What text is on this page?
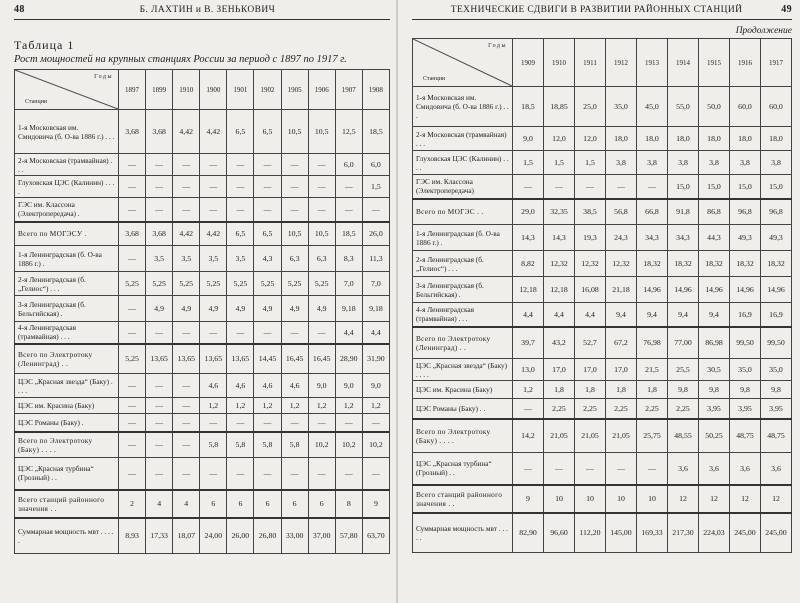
48	Б. ЛАХТИН и В. ЗЕНЬКОВИЧ
Таблица 1
Рост мощностей на крупных станциях России за период с 1897 по 1917 г.
Годы
Станции	1897	1899	1910	1900	1901	1902	1905	1906	1907	1908
1-я Московская им. Смидовича (б. О-ва 1886 г.) . . .	3,68	3,68	4,42	4,42	6,5	6,5	10,5	10,5	12,5	18,5
2-я Московская (трамвайная) . . .	—	—	—	—	—	—	—	—	6,0	6,0
Глуховская ЦЭС (Калинин) . . . .	—	—	—	—	—	—	—	—	—	1,5
ГЭС им. Классона (Электропередача) .	—	—	—	—	—	—	—	—	—	—
Всего по МОГЭСУ .	3,68	3,68	4,42	4,42	6,5	6,5	10,5	10,5	18,5	26,0
1-я Ленинградская (б. О-ва 1886 г.) .	—	3,5	3,5	3,5	3,5	4,3	6,3	6,3	8,3	11,3
2-я Ленинградская (б. „Гелиос“) . . .	5,25	5,25	5,25	5,25	5,25	5,25	5,25	5,25	7,0	7,0
3-я Ленинградская (б. Бельгийская) .	—	4,9	4,9	4,9	4,9	4,9	4,9	4,9	9,18	9,18
4-я Ленинградская (трамвайная) . . .	—	—	—	—	—	—	—	—	4,4	4,4
Всего по Электротоку (Ленинград) . .	5,25	13,65	13,65	13,65	13,65	14,45	16,45	16,45	28,90	31,90
ЦЭС „Красная звезда“ (Баку) . . . .	—	—	—	4,6	4,6	4,6	4,6	9,0	9,0	9,0
ЦЭС им. Красина (Баку)	—	—	—	1,2	1,2	1,2	1,2	1,2	1,2	1,2
ЦЭС Романы (Баку) .	—	—	—	—	—	—	—	—	—	—
Всего по Электротоку (Баку) . . . .	—	—	—	5,8	5,8	5,8	5,8	10,2	10,2	10,2
ЦЭС „Красная турбина“ (Грозный) . .	—	—	—	—	—	—	—	—	—	—
Всего станций районного значения . .	2	4	4	6	6	6	6	6	8	9
Суммарная мощность мвт . . . . .	8,93	17,33	18,07	24,00	26,00	26,80	33,00	37,00	57,80	63,70
ТЕХНИЧЕСКИЕ СДВИГИ В РАЗВИТИИ РАЙОННЫХ СТАНЦИЙ	49
Продолжение
Годы
Станции	1909	1910	1911	1912	1913	1914	1915	1916	1917
1-я Московская им. Смидовича (б. О-ва 1886 г.) . . .	18,5	18,85	25,0	35,0	45,0	55,0	50,0	60,0	60,0
2-я Московская (трамвайная) . . .	9,0	12,0	12,0	18,0	18,0	18,0	18,0	18,0	18,0
Глуховская ЦЭС (Калинин) . . . .	1,5	1,5	1,5	3,8	3,8	3,8	3,8	3,8	3,8
ГЭС им. Классона (Электропередача)	—	—	—	—	—	15,0	15,0	15,0	15,0
Всего по МОГЭС . .	29,0	32,35	38,5	56,8	66,8	91,8	86,8	96,8	96,8
1-я Ленинградская (б. О-ва 1886 г.) .	14,3	14,3	19,3	24,3	34,3	34,3	44,3	49,3	49,3
2-я Ленинградская (б. „Гелиос“) . . .	8,82	12,32	12,32	12,32	18,32	18,32	18,32	18,32	18,32
3-я Ленинградская (б. Бельгийская) .	12,18	12,18	16,08	21,18	14,96	14,96	14,96	14,96	14,96
4-я Ленинградская (трамвайная) . . .	4,4	4,4	4,4	9,4	9,4	9,4	9,4	16,9	16,9
Всего по Электротоку (Ленинград) . .	39,7	43,2	52,7	67,2	76,98	77,00	86,98	99,50	99,50
ЦЭС „Красная звезда“ (Баку) . . . .	13,0	17,0	17,0	17,0	21,5	25,5	30,5	35,0	35,0
ЦЭС им. Красина (Баку)	1,2	1,8	1,8	1,8	1,8	9,8	9,8	9,8	9,8
ЦЭС Романы (Баку) . .	—	2,25	2,25	2,25	2,25	2,25	3,95	3,95	3,95
Всего по Электротоку (Баку) . . . .	14,2	21,05	21,05	21,05	25,75	48,55	50,25	48,75	48,75
ЦЭС „Красная турбина“ (Грозный) . .	—	—	—	—	—	3,6	3,6	3,6	3,6
Всего станций районного значения . .	9	10	10	10	10	12	12	12	12
Суммарная мощность мвт . . . . .	82,90	96,60	112,20	145,00	169,33	217,30	224,03	245,00	245,00
